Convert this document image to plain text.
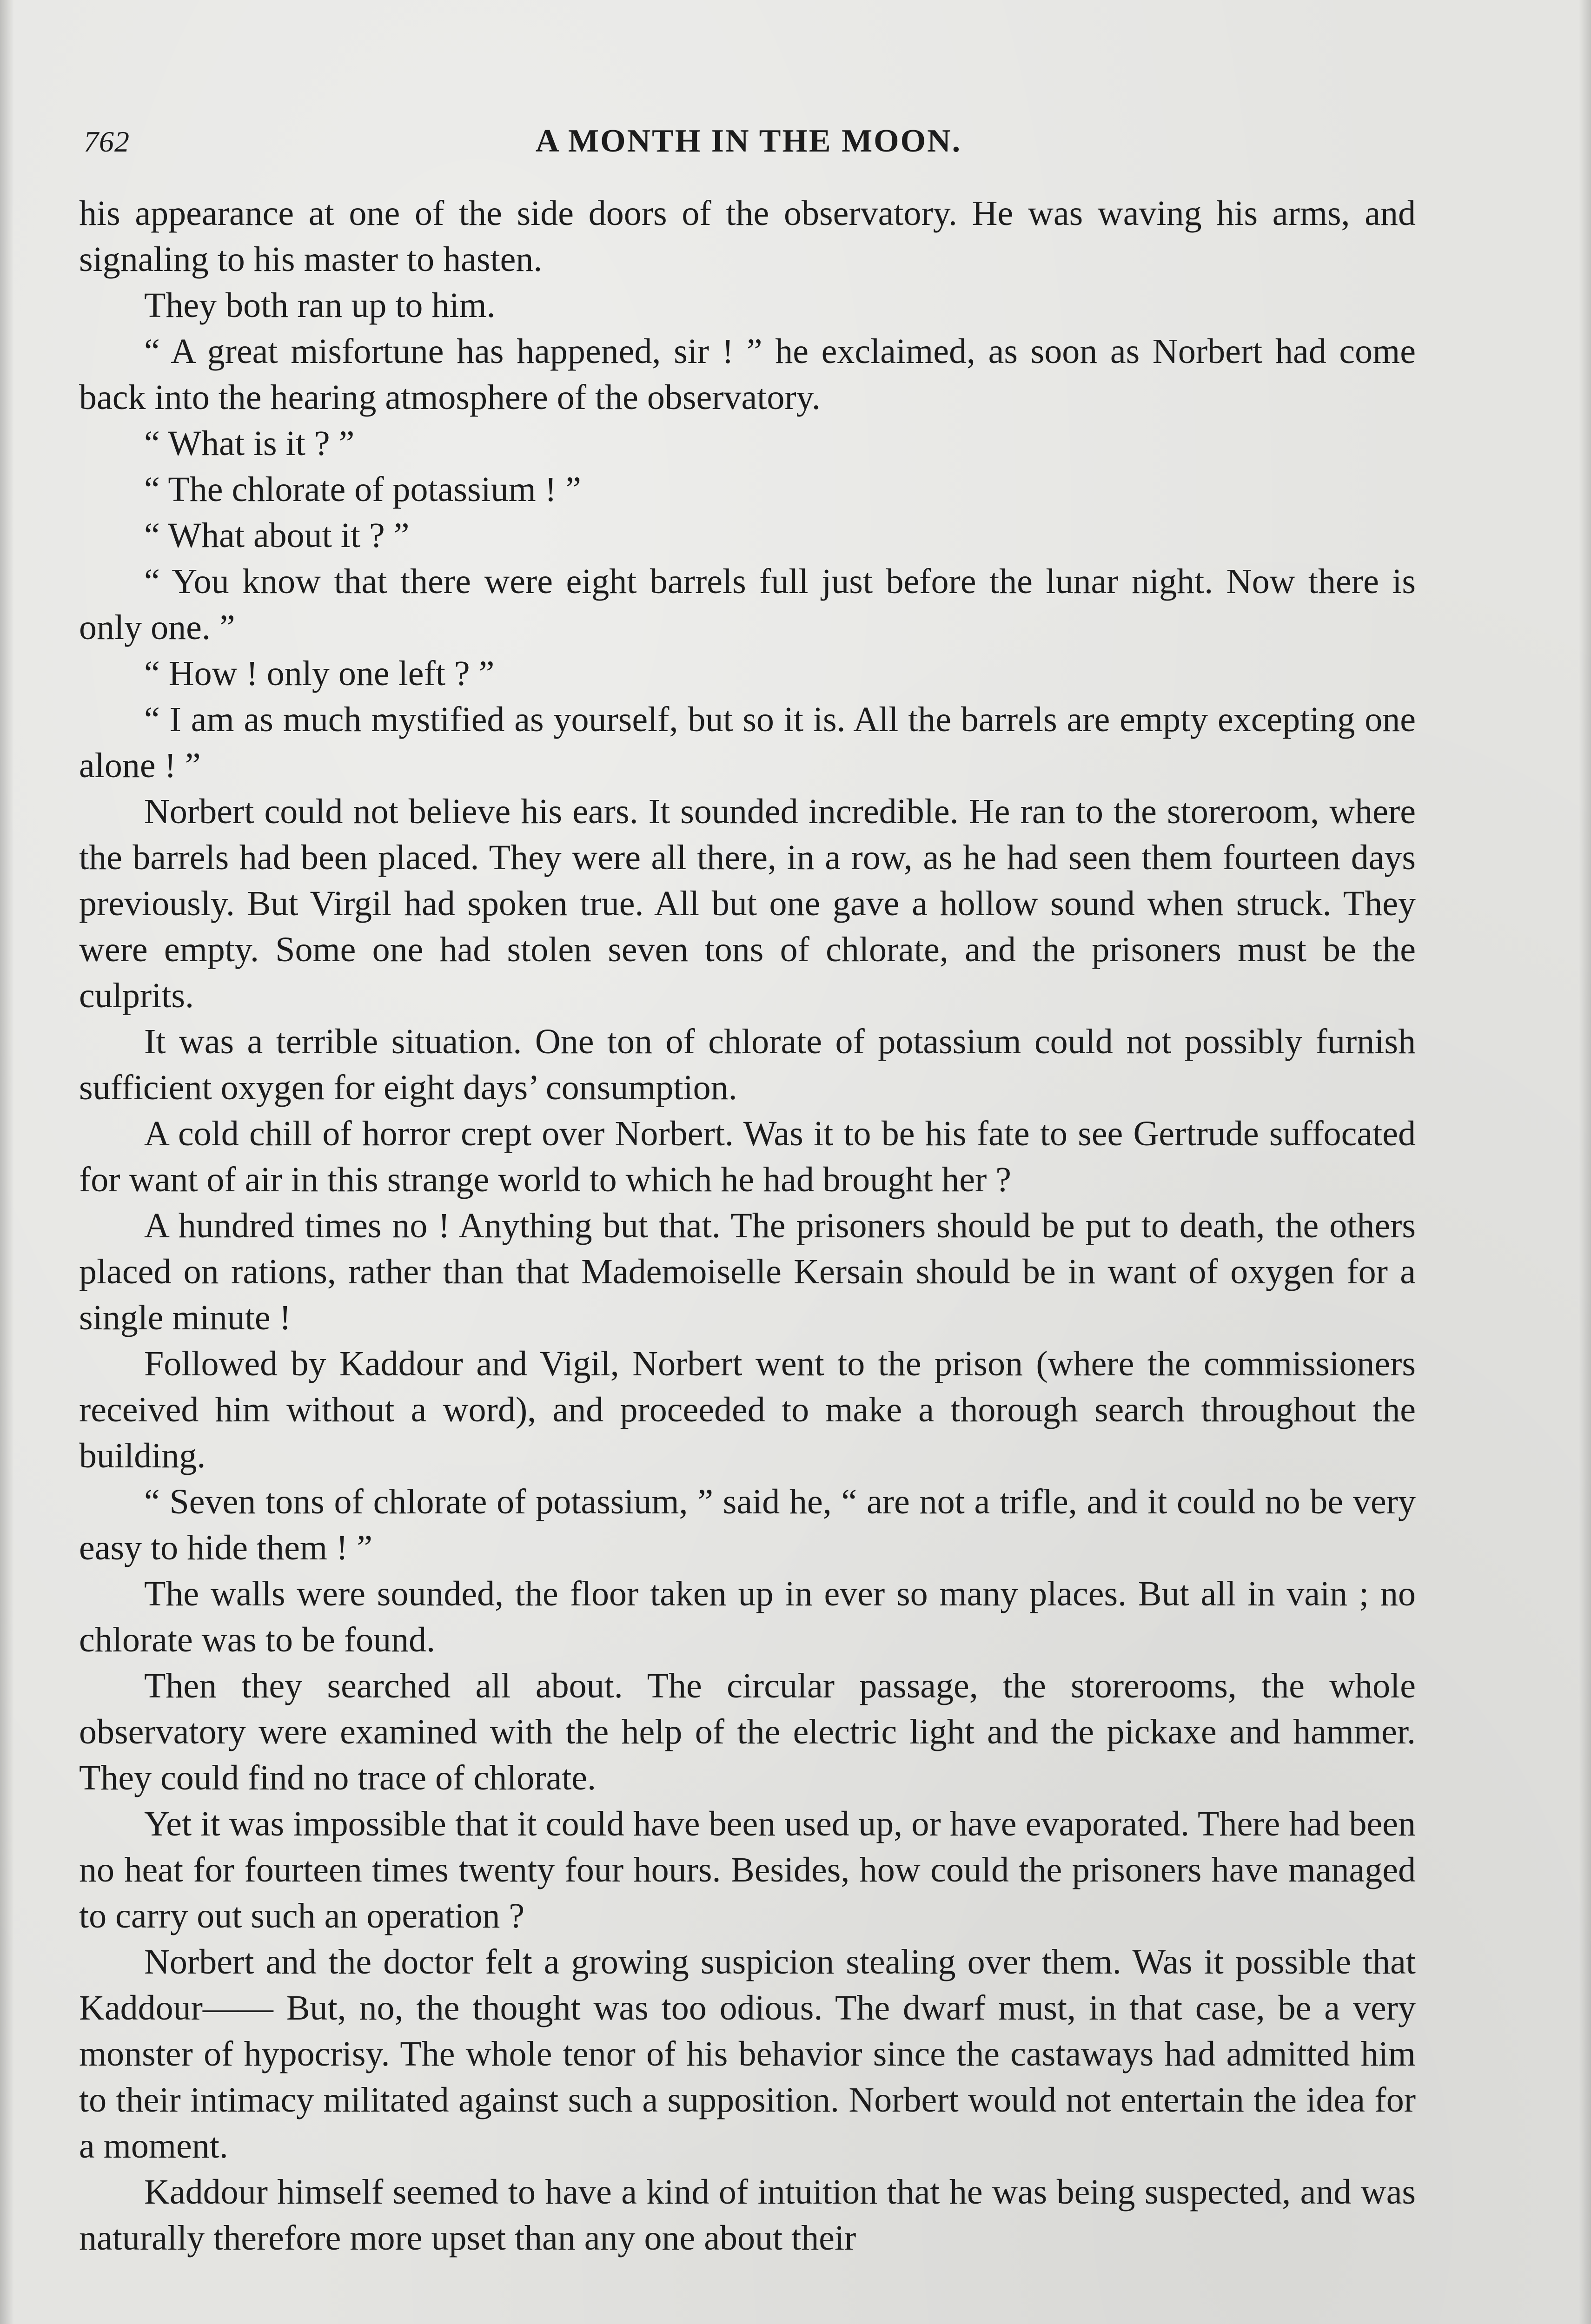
762	A MONTH IN THE MOON.

his appearance at one of the side doors of the observatory. He was waving his arms, and signaling to his master to hasten.

They both ran up to him.

“ A great misfortune has happened, sir ! ” he exclaimed, as soon as Norbert had come back into the hearing atmosphere of the observatory.

“ What is it ? ”

“ The chlorate of potassium ! ”

“ What about it ? ”

“ You know that there were eight barrels full just before the lunar night. Now there is only one. ”

“ How ! only one left ? ”

“ I am as much mystified as yourself, but so it is. All the barrels are empty excepting one alone ! ”

Norbert could not believe his ears. It sounded incredible. He ran to the storeroom, where the barrels had been placed. They were all there, in a row, as he had seen them fourteen days previously. But Virgil had spoken true. All but one gave a hollow sound when struck. They were empty. Some one had stolen seven tons of chlorate, and the prisoners must be the culprits.

It was a terrible situation. One ton of chlorate of potassium could not possibly furnish sufficient oxygen for eight days’ consumption.

A cold chill of horror crept over Norbert. Was it to be his fate to see Gertrude suffocated for want of air in this strange world to which he had brought her ?

A hundred times no ! Anything but that. The prisoners should be put to death, the others placed on rations, rather than that Mademoiselle Kersain should be in want of oxygen for a single minute !

Followed by Kaddour and Vigil, Norbert went to the prison (where the commissioners received him without a word), and proceeded to make a thorough search throughout the building.

“ Seven tons of chlorate of potassium, ” said he, “ are not a trifle, and it could no be very easy to hide them ! ”

The walls were sounded, the floor taken up in ever so many places. But all in vain ; no chlorate was to be found.

Then they searched all about. The circular passage, the storerooms, the whole observatory were examined with the help of the electric light and the pickaxe and hammer. They could find no trace of chlorate.

Yet it was impossible that it could have been used up, or have evaporated. There had been no heat for fourteen times twenty four hours. Besides, how could the prisoners have managed to carry out such an operation ?

Norbert and the doctor felt a growing suspicion stealing over them. Was it possible that Kaddour—— But, no, the thought was too odious. The dwarf must, in that case, be a very monster of hypocrisy. The whole tenor of his behavior since the castaways had admitted him to their intimacy militated against such a supposition. Norbert would not entertain the idea for a moment.

Kaddour himself seemed to have a kind of intuition that he was being suspected, and was naturally therefore more upset than any one about their
